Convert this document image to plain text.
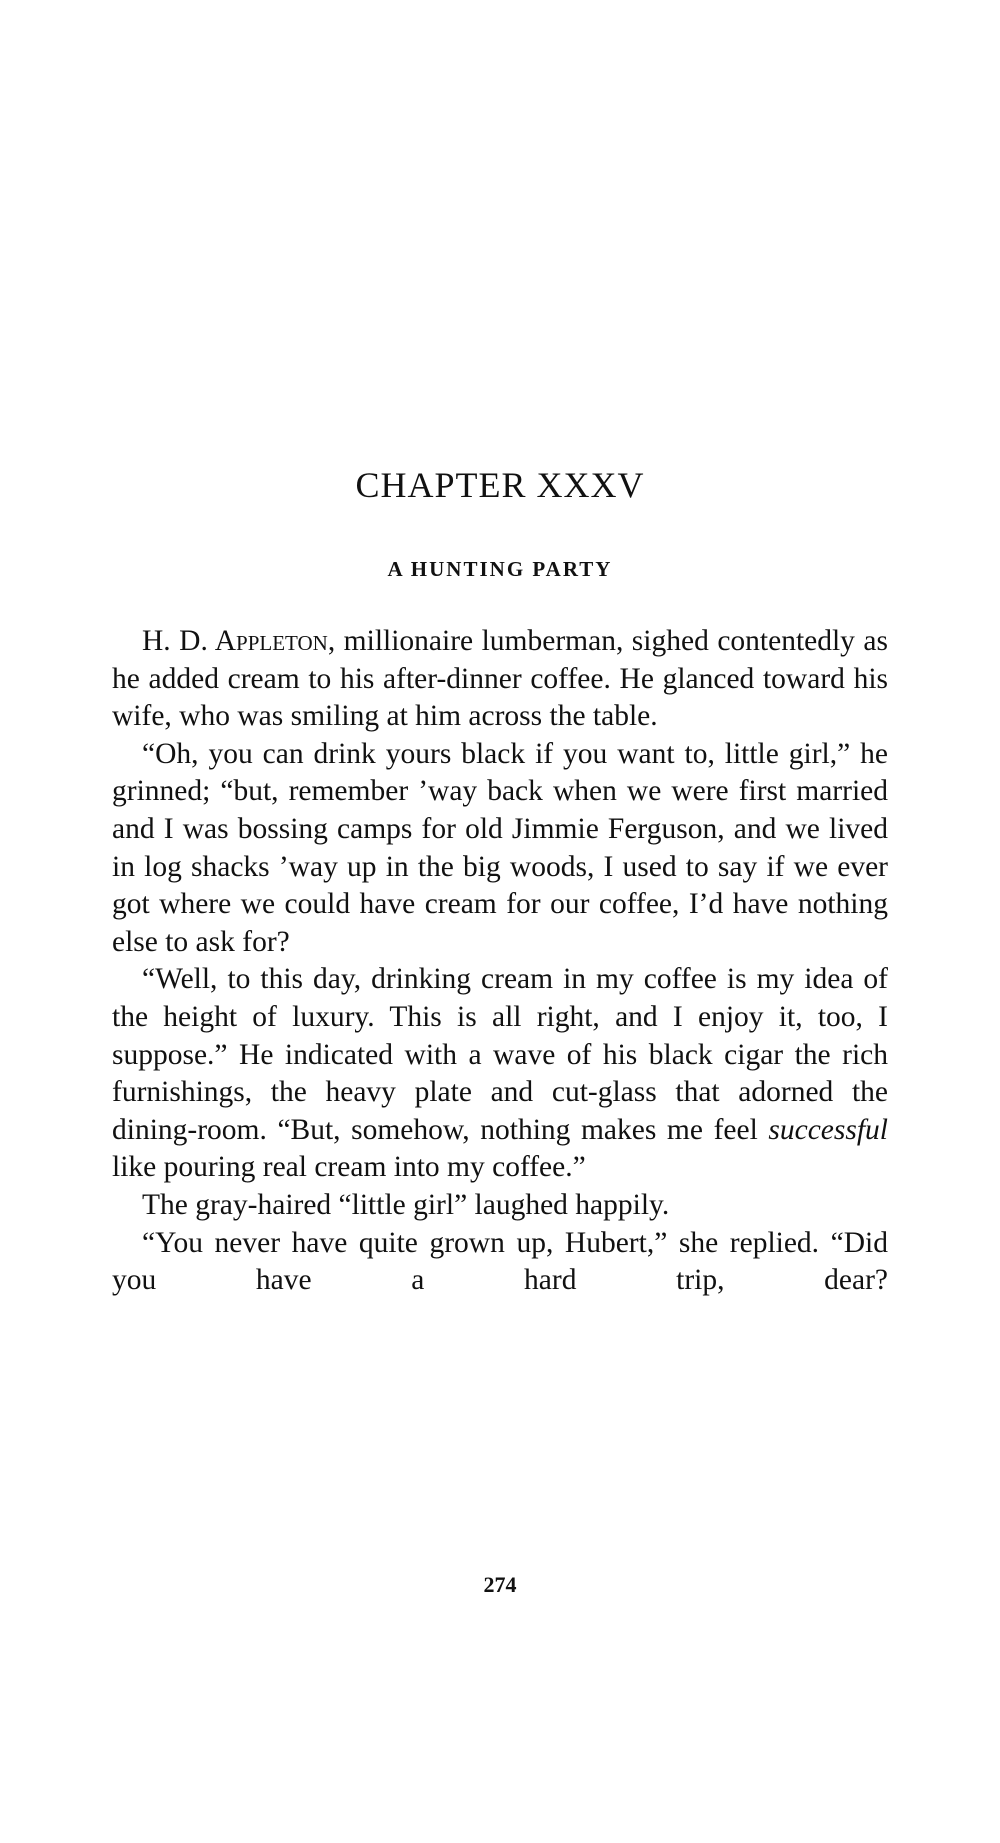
CHAPTER XXXV
A HUNTING PARTY

H. D. Appleton, millionaire lumberman, sighed contentedly as he added cream to his after-dinner coffee. He glanced toward his wife, who was smiling at him across the table.

“Oh, you can drink yours black if you want to, little girl,” he grinned; “but, remember ’way back when we were first married and I was bossing camps for old Jimmie Ferguson, and we lived in log shacks ’way up in the big woods, I used to say if we ever got where we could have cream for our coffee, I’d have nothing else to ask for?

“Well, to this day, drinking cream in my coffee is my idea of the height of luxury. This is all right, and I enjoy it, too, I suppose.” He indicated with a wave of his black cigar the rich furnishings, the heavy plate and cut-glass that adorned the dining-room. “But, somehow, nothing makes me feel successful like pouring real cream into my coffee.”

The gray-haired “little girl” laughed happily.

“You never have quite grown up, Hubert,” she replied. “Did you have a hard trip, dear?

274
